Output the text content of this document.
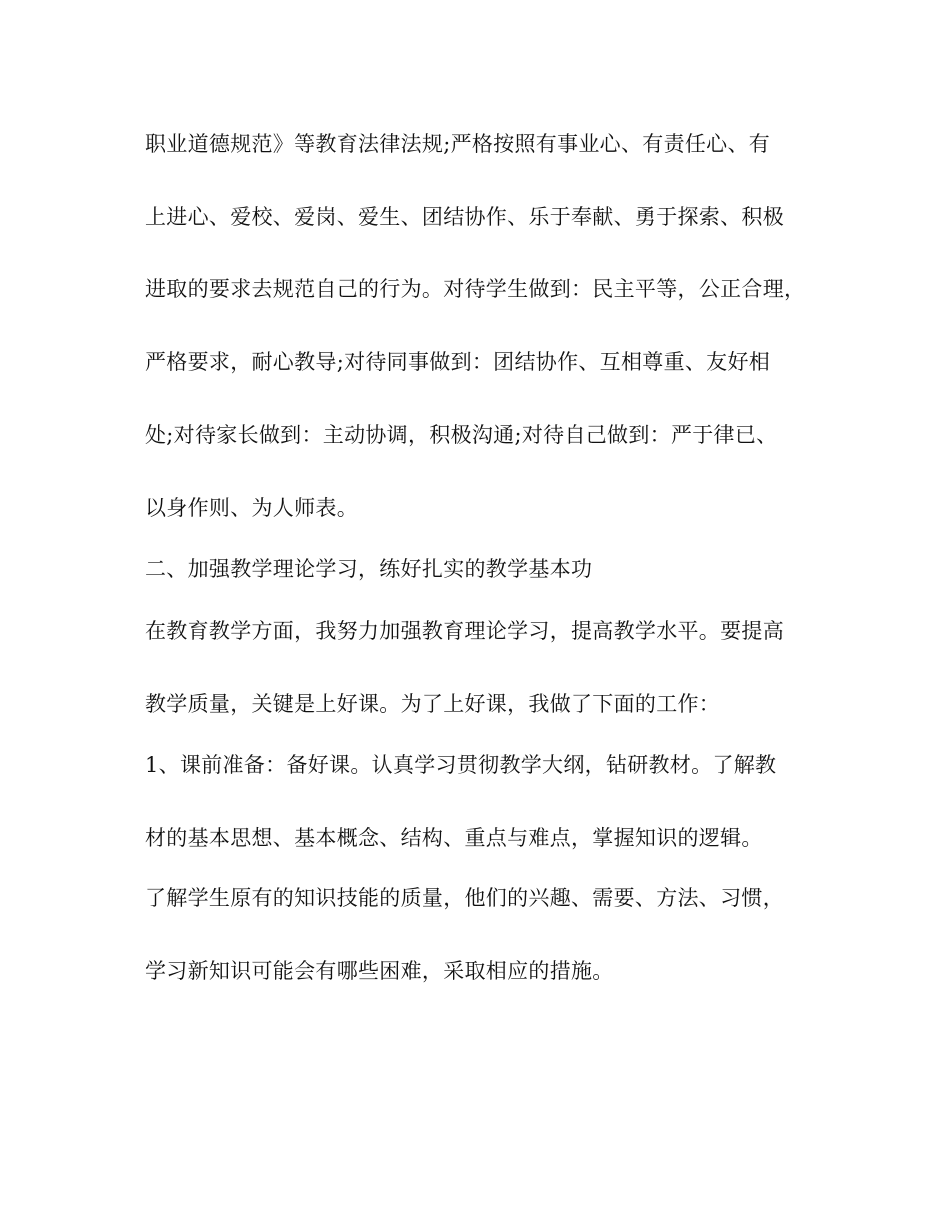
职业道德规范》等教育法律法规;严格按照有事业心、有责任心、有

上进心、爱校、爱岗、爱生、团结协作、乐于奉献、勇于探索、积极

进取的要求去规范自己的行为。对待学生做到：民主平等，公正合理，

严格要求，耐心教导;对待同事做到：团结协作、互相尊重、友好相

处;对待家长做到：主动协调，积极沟通;对待自己做到：严于律已、

以身作则、为人师表。

二、加强教学理论学习，练好扎实的教学基本功

在教育教学方面，我努力加强教育理论学习，提高教学水平。要提高

教学质量，关键是上好课。为了上好课，我做了下面的工作：

1、课前准备：备好课。认真学习贯彻教学大纲，钻研教材。了解教

材的基本思想、基本概念、结构、重点与难点，掌握知识的逻辑。

了解学生原有的知识技能的质量，他们的兴趣、需要、方法、习惯，

学习新知识可能会有哪些困难，采取相应的措施。
